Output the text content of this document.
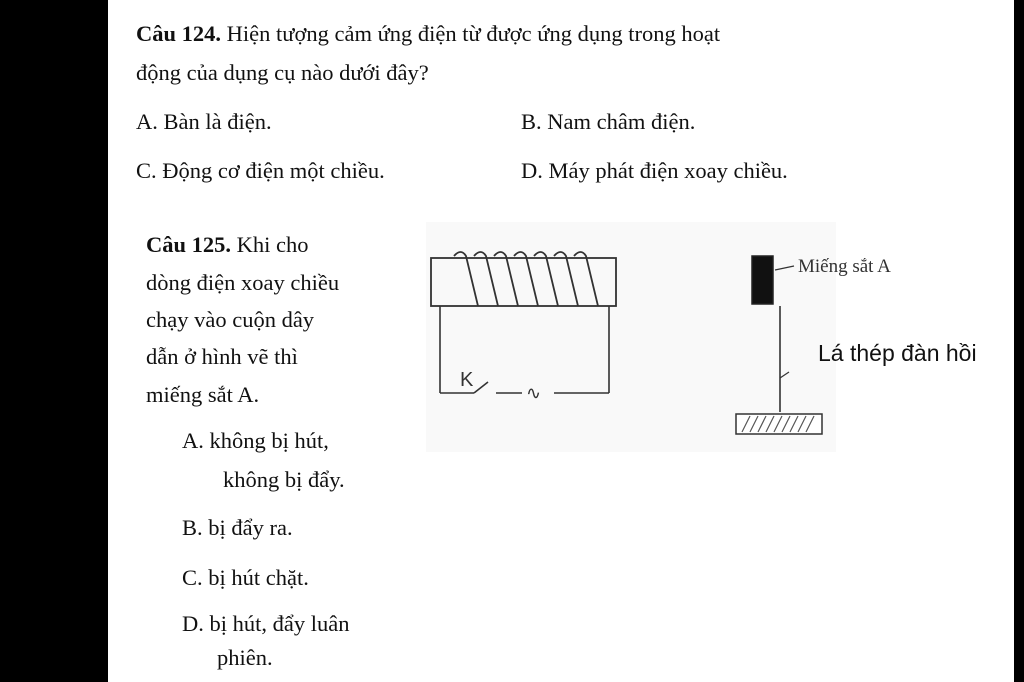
Câu 124. Hiện tượng cảm ứng điện từ được ứng dụng trong hoạt
động của dụng cụ nào dưới đây?
A. Bàn là điện.	B. Nam châm điện.
C. Động cơ điện một chiều.	D. Máy phát điện xoay chiều.
Câu 125. Khi cho
dòng điện xoay chiều
chạy vào cuộn dây
dẫn ở hình vẽ thì
miếng sắt A.
A. không bị hút,
không bị đẩy.
B. bị đẩy ra.
C. bị hút chặt.
D. bị hút, đẩy luân
phiên.
K
∿
Miếng sắt A
Lá thép đàn hồi
